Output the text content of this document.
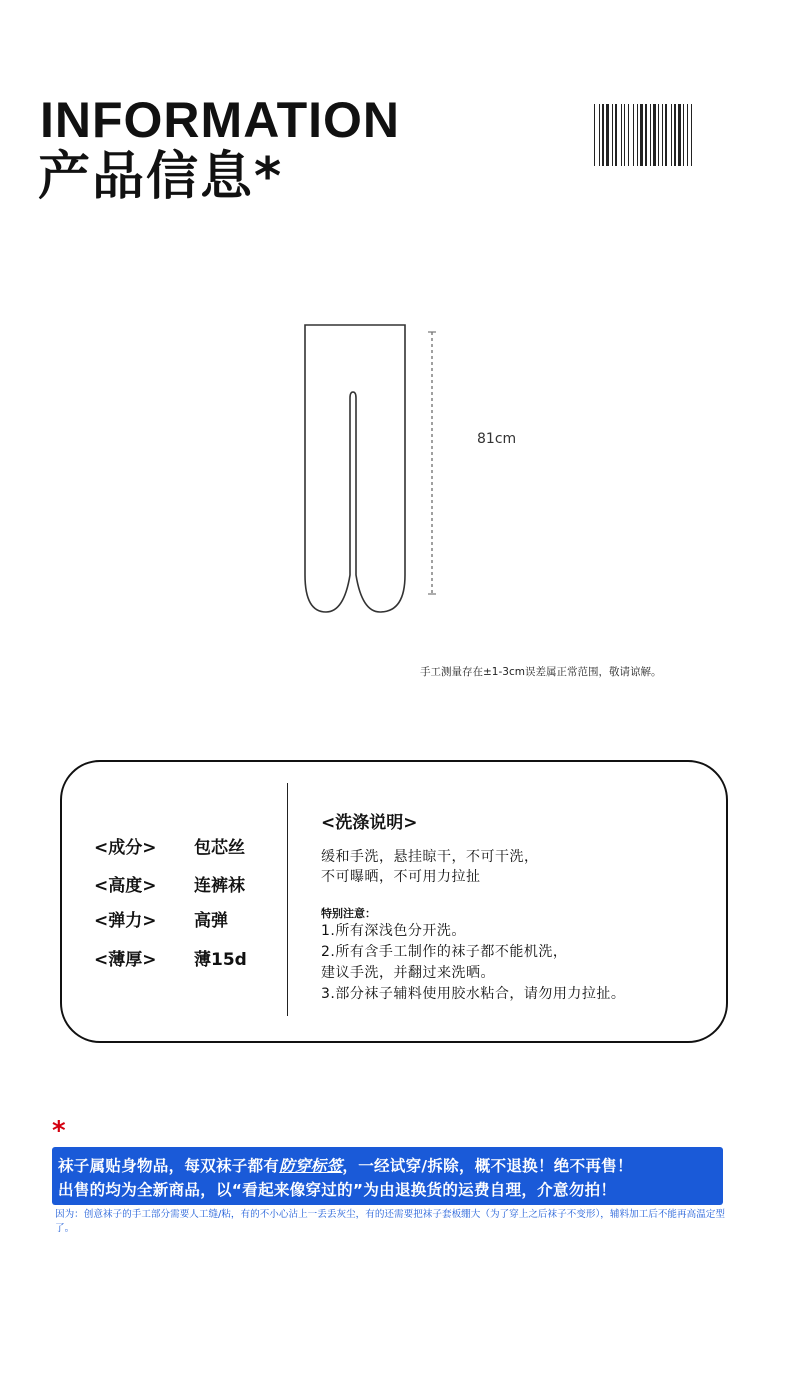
INFORMATION
产品信息*
81cm
手工测量存在±1-3cm误差属正常范围，敬请谅解。
<成分> 包芯丝
<高度> 连裤袜
<弹力> 高弹
<薄厚> 薄15d
<洗涤说明>
缓和手洗，悬挂晾干，不可干洗，
不可曝晒，不可用力拉扯
特别注意：
1.所有深浅色分开洗。
2.所有含手工制作的袜子都不能机洗，
建议手洗，并翻过来洗晒。
3.部分袜子辅料使用胶水粘合，请勿用力拉扯。
*
袜子属贴身物品，每双袜子都有防穿标签，一经试穿/拆除，概不退换！绝不再售！
出售的均为全新商品，以“看起来像穿过的”为由退换货的运费自理，介意勿拍！
因为：创意袜子的手工部分需要人工缝/粘，有的不小心沾上一丢丢灰尘，有的还需要把袜子套板绷大（为了穿上之后袜子不变形），辅料加工后不能再高温定型了。
